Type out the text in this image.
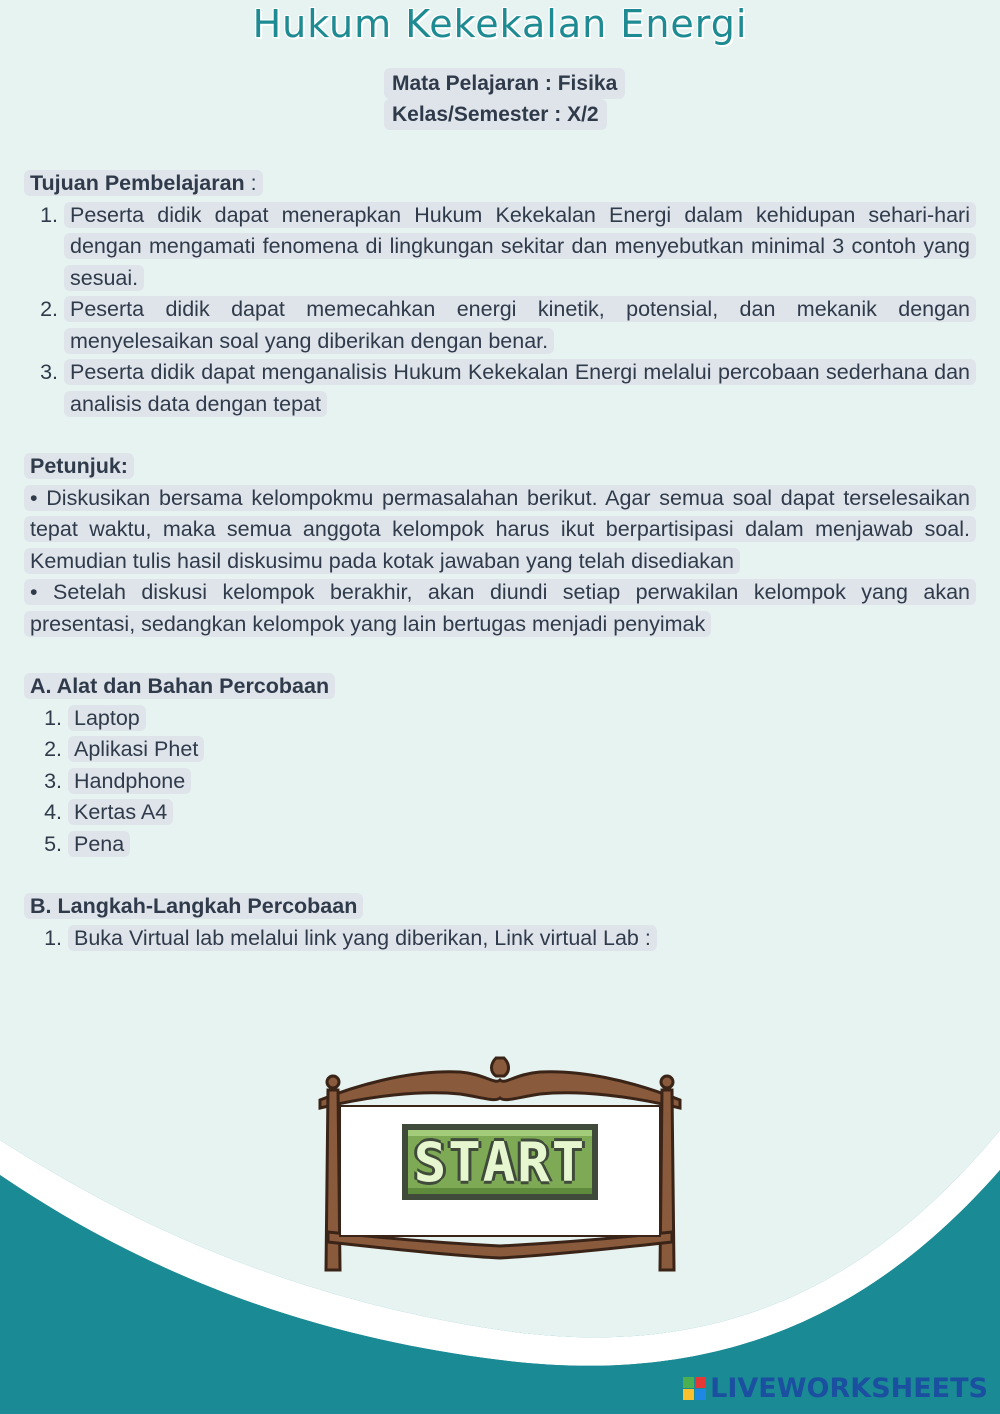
Hukum Kekekalan Energi
Mata Pelajaran : Fisika
Kelas/Semester : X/2

Tujuan Pembelajaran :

1. Peserta didik dapat menerapkan Hukum Kekekalan Energi dalam kehidupan sehari-hari dengan mengamati fenomena di lingkungan sekitar dan menyebutkan minimal 3 contoh yang sesuai.
2. Peserta didik dapat memecahkan energi kinetik, potensial, dan mekanik dengan menyelesaikan soal yang diberikan dengan benar.
3. Peserta didik dapat menganalisis Hukum Kekekalan Energi melalui percobaan sederhana dan analisis data dengan tepat

Petunjuk:

• Diskusikan bersama kelompokmu permasalahan berikut. Agar semua soal dapat terselesaikan tepat waktu, maka semua anggota kelompok harus ikut berpartisipasi dalam menjawab soal. Kemudian tulis hasil diskusimu pada kotak jawaban yang telah disediakan

• Setelah diskusi kelompok berakhir, akan diundi setiap perwakilan kelompok yang akan presentasi, sedangkan kelompok yang lain bertugas menjadi penyimak

A. Alat dan Bahan Percobaan

1. Laptop
2. Aplikasi Phet
3. Handphone
4. Kertas A4
5. Pena

B. Langkah-Langkah Percobaan

1. Buka Virtual lab melalui link yang diberikan, Link virtual Lab :
START
LIVEWORKSHEETS
